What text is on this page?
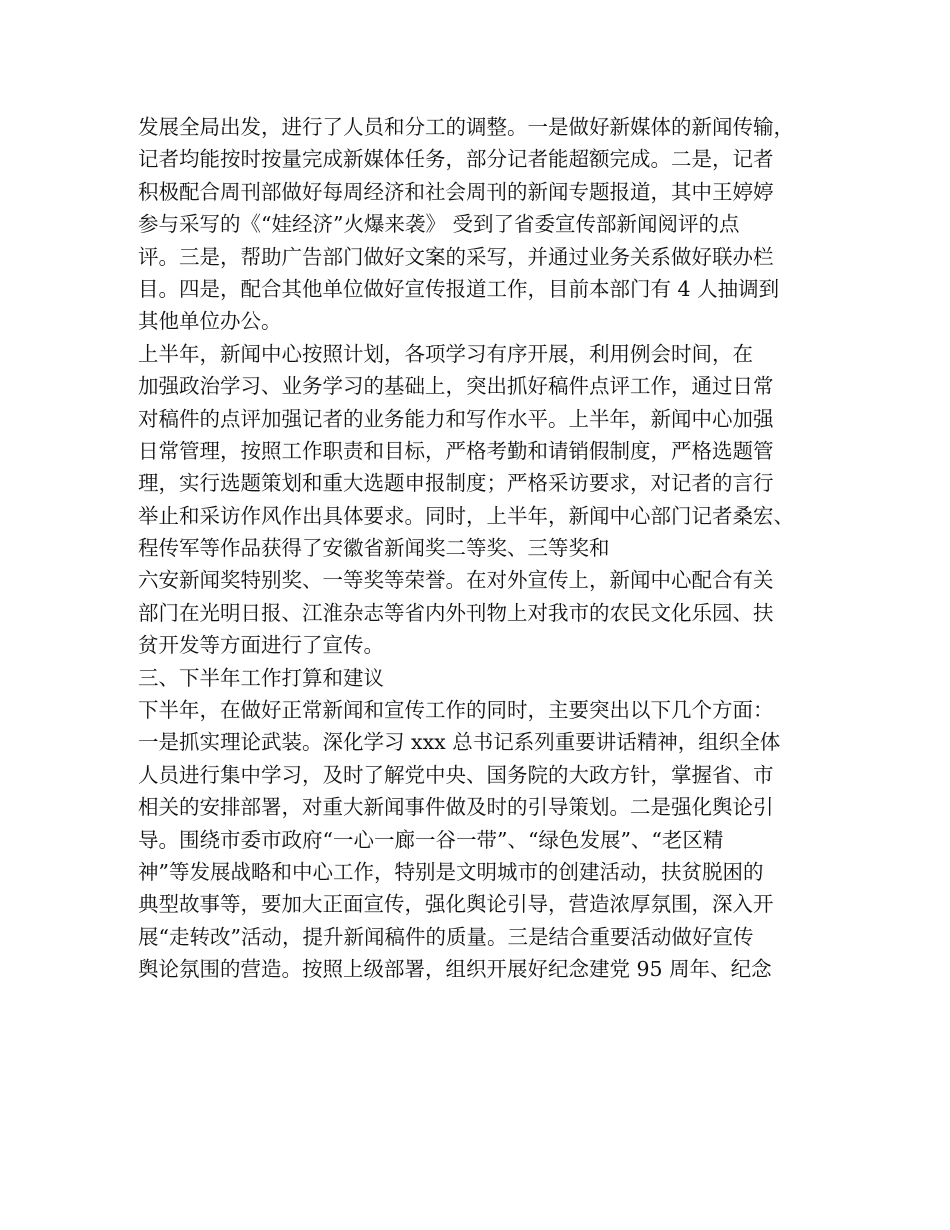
发展全局出发，进行了人员和分工的调整。一是做好新媒体的新闻传输，
记者均能按时按量完成新媒体任务，部分记者能超额完成。二是，记者
积极配合周刊部做好每周经济和社会周刊的新闻专题报道，其中王婷婷
参与采写的《“娃经济”火爆来袭》 受到了省委宣传部新闻阅评的点
评。三是，帮助广告部门做好文案的采写，并通过业务关系做好联办栏
目。四是，配合其他单位做好宣传报道工作，目前本部门有 4 人抽调到
其他单位办公。
上半年，新闻中心按照计划，各项学习有序开展，利用例会时间，在
加强政治学习、业务学习的基础上，突出抓好稿件点评工作，通过日常
对稿件的点评加强记者的业务能力和写作水平。上半年，新闻中心加强
日常管理，按照工作职责和目标，严格考勤和请销假制度，严格选题管
理，实行选题策划和重大选题申报制度；严格采访要求，对记者的言行
举止和采访作风作出具体要求。同时，上半年，新闻中心部门记者桑宏、
程传军等作品获得了安徽省新闻奖二等奖、三等奖和
六安新闻奖特别奖、一等奖等荣誉。在对外宣传上，新闻中心配合有关
部门在光明日报、江淮杂志等省内外刊物上对我市的农民文化乐园、扶
贫开发等方面进行了宣传。
三、下半年工作打算和建议
下半年，在做好正常新闻和宣传工作的同时，主要突出以下几个方面：
一是抓实理论武装。深化学习 xxx 总书记系列重要讲话精神，组织全体
人员进行集中学习，及时了解党中央、国务院的大政方针，掌握省、市
相关的安排部署，对重大新闻事件做及时的引导策划。二是强化舆论引
导。围绕市委市政府“一心一廊一谷一带”、“绿色发展”、“老区精
神”等发展战略和中心工作，特别是文明城市的创建活动，扶贫脱困的
典型故事等，要加大正面宣传，强化舆论引导，营造浓厚氛围，深入开
展“走转改”活动，提升新闻稿件的质量。三是结合重要活动做好宣传
舆论氛围的营造。按照上级部署，组织开展好纪念建党 95 周年、纪念
